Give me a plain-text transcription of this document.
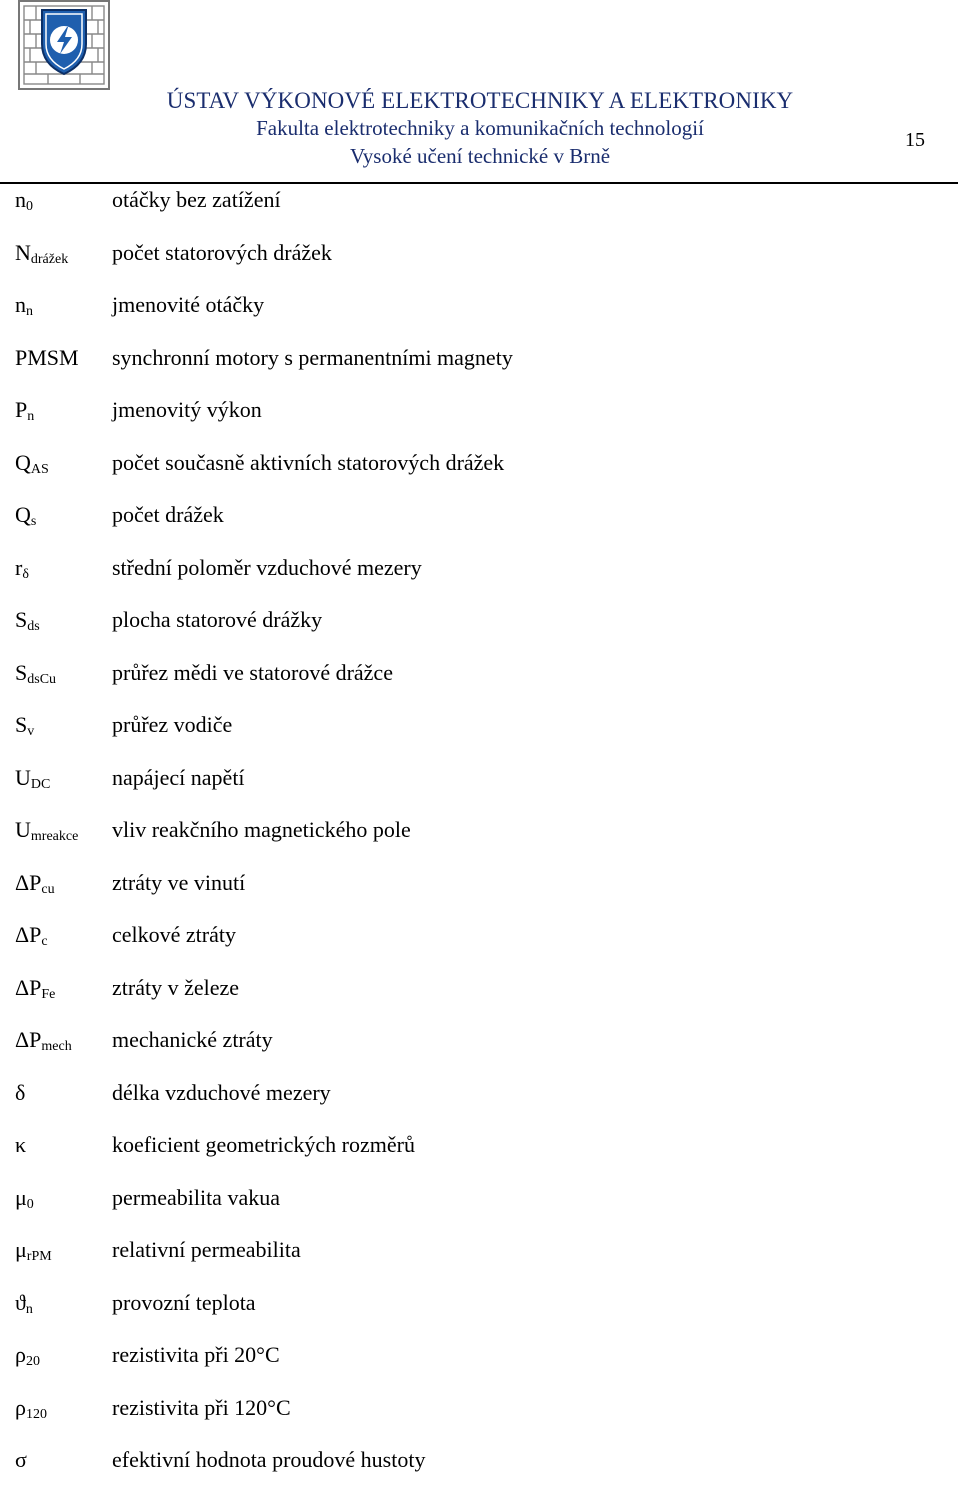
ÚSTAV VÝKONOVÉ ELEKTROTECHNIKY A ELEKTRONIKY
Fakulta elektrotechniky a komunikačních technologií
Vysoké učení technické v Brně
15
$n_0$	otáčky bez zatížení
$N_{drážek}$ počet statorových drážek
$n_n$	jmenovité otáčky
PMSM synchronní motory s permanentními magnety
$P_n$	jmenovitý výkon
$Q_{AS}$	počet současně aktivních statorových drážek
$Q_s$	počet drážek
$r_\delta$	střední poloměr vzduchové mezery
$S_{ds}$	plocha statorové drážky
$S_{dsCu}$	průřez mědi ve statorové drážce
$S_v$	průřez vodiče
$U_{DC}$	napájecí napětí
$U_{mreakce}$ vliv reakčního magnetického pole
$\Delta P_{cu}$	ztráty ve vinutí
$\Delta P_c$	celkové ztráty
$\Delta P_{Fe}$	ztráty v železe
$\Delta P_{mech}$ mechanické ztráty
δ	délka vzduchové mezery
κ	koeficient geometrických rozměrů
$\mu_0$	permeabilita vakua
$\mu_{rPM}$	relativní permeabilita
$ϑ_n$	provozní teplota
$\rho_{20}$	rezistivita při 20°C
$\rho_{120}$	rezistivita při 120°C
σ	efektivní hodnota proudové hustoty
